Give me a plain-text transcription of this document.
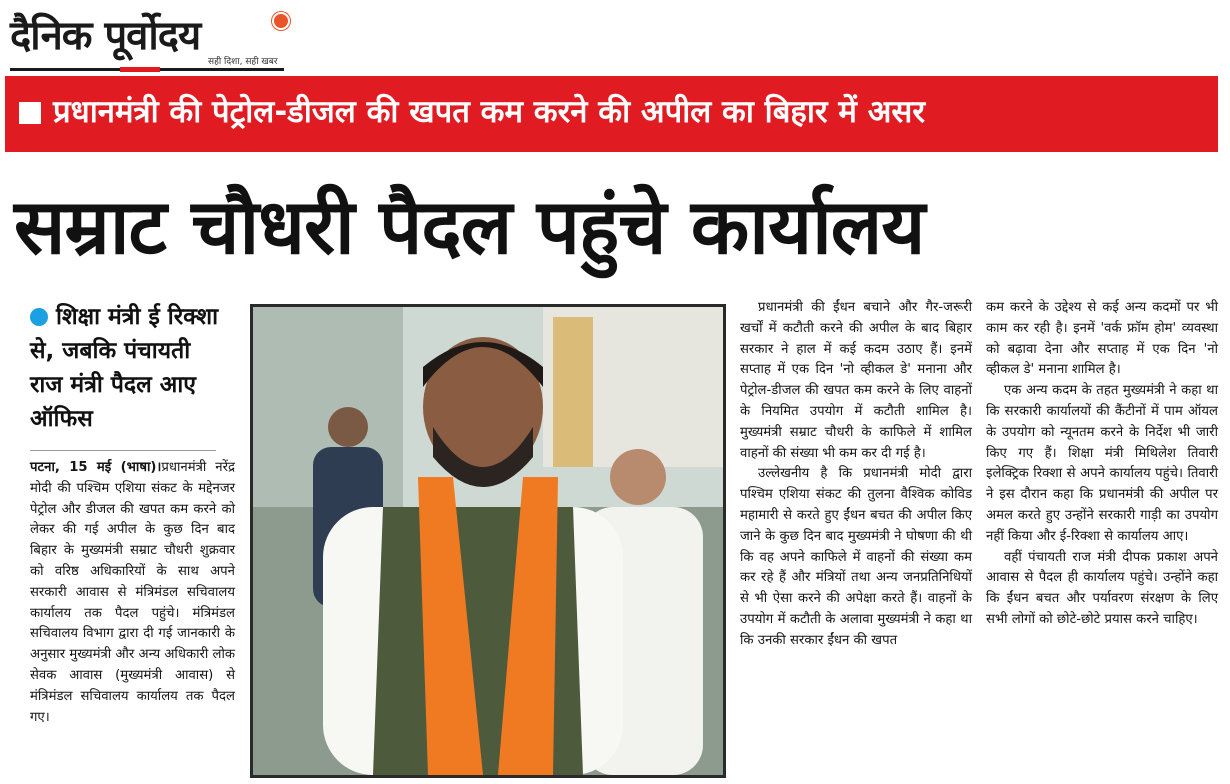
दैनिक पूर्वोदय
सही दिशा, सही खबर
प्रधानमंत्री की पेट्रोल-डीजल की खपत कम करने की अपील का बिहार में असर
सम्राट चौधरी पैदल पहुंचे कार्यालय
शिक्षा मंत्री ई रिक्शा से, जबकि पंचायती राज मंत्री पैदल आए ऑफिस

पटना, 15 मई (भाषा)।प्रधानमंत्री नरेंद्र मोदी की पश्चिम एशिया संकट के मद्देनजर पेट्रोल और डीजल की खपत कम करने को लेकर की गई अपील के कुछ दिन बाद बिहार के मुख्यमंत्री सम्राट चौधरी शुक्रवार को वरिष्ठ अधिकारियों के साथ अपने सरकारी आवास से मंत्रिमंडल सचिवालय कार्यालय तक पैदल पहुंचे। मंत्रिमंडल सचिवालय विभाग द्वारा दी गई जानकारी के अनुसार मुख्यमंत्री और अन्य अधिकारी लोक सेवक आवास (मुख्यमंत्री आवास) से मंत्रिमंडल सचिवालय कार्यालय तक पैदल गए।

प्रधानमंत्री की ईंधन बचाने और गैर-जरूरी खर्चों में कटौती करने की अपील के बाद बिहार सरकार ने हाल में कई कदम उठाए हैं। इनमें सप्ताह में एक दिन 'नो व्हीकल डे' मनाना और पेट्रोल-डीजल की खपत कम करने के लिए वाहनों के नियमित उपयोग में कटौती शामिल है। मुख्यमंत्री सम्राट चौधरी के काफिले में शामिल वाहनों की संख्या भी कम कर दी गई है।

उल्लेखनीय है कि प्रधानमंत्री मोदी द्वारा पश्चिम एशिया संकट की तुलना वैश्विक कोविड महामारी से करते हुए ईंधन बचत की अपील किए जाने के कुछ दिन बाद मुख्यमंत्री ने घोषणा की थी कि वह अपने काफिले में वाहनों की संख्या कम कर रहे हैं और मंत्रियों तथा अन्य जनप्रतिनिधियों से भी ऐसा करने की अपेक्षा करते हैं। वाहनों के उपयोग में कटौती के अलावा मुख्यमंत्री ने कहा था कि उनकी सरकार ईंधन की खपत

कम करने के उद्देश्य से कई अन्य कदमों पर भी काम कर रही है। इनमें 'वर्क फ्रॉम होम' व्यवस्था को बढ़ावा देना और सप्ताह में एक दिन 'नो व्हीकल डे' मनाना शामिल है।

एक अन्य कदम के तहत मुख्यमंत्री ने कहा था कि सरकारी कार्यालयों की कैंटीनों में पाम ऑयल के उपयोग को न्यूनतम करने के निर्देश भी जारी किए गए हैं। शिक्षा मंत्री मिथिलेश तिवारी इलेक्ट्रिक रिक्शा से अपने कार्यालय पहुंचे। तिवारी ने इस दौरान कहा कि प्रधानमंत्री की अपील पर अमल करते हुए उन्होंने सरकारी गाड़ी का उपयोग नहीं किया और ई-रिक्शा से कार्यालय आए।

वहीं पंचायती राज मंत्री दीपक प्रकाश अपने आवास से पैदल ही कार्यालय पहुंचे। उन्होंने कहा कि ईंधन बचत और पर्यावरण संरक्षण के लिए सभी लोगों को छोटे-छोटे प्रयास करने चाहिए।
